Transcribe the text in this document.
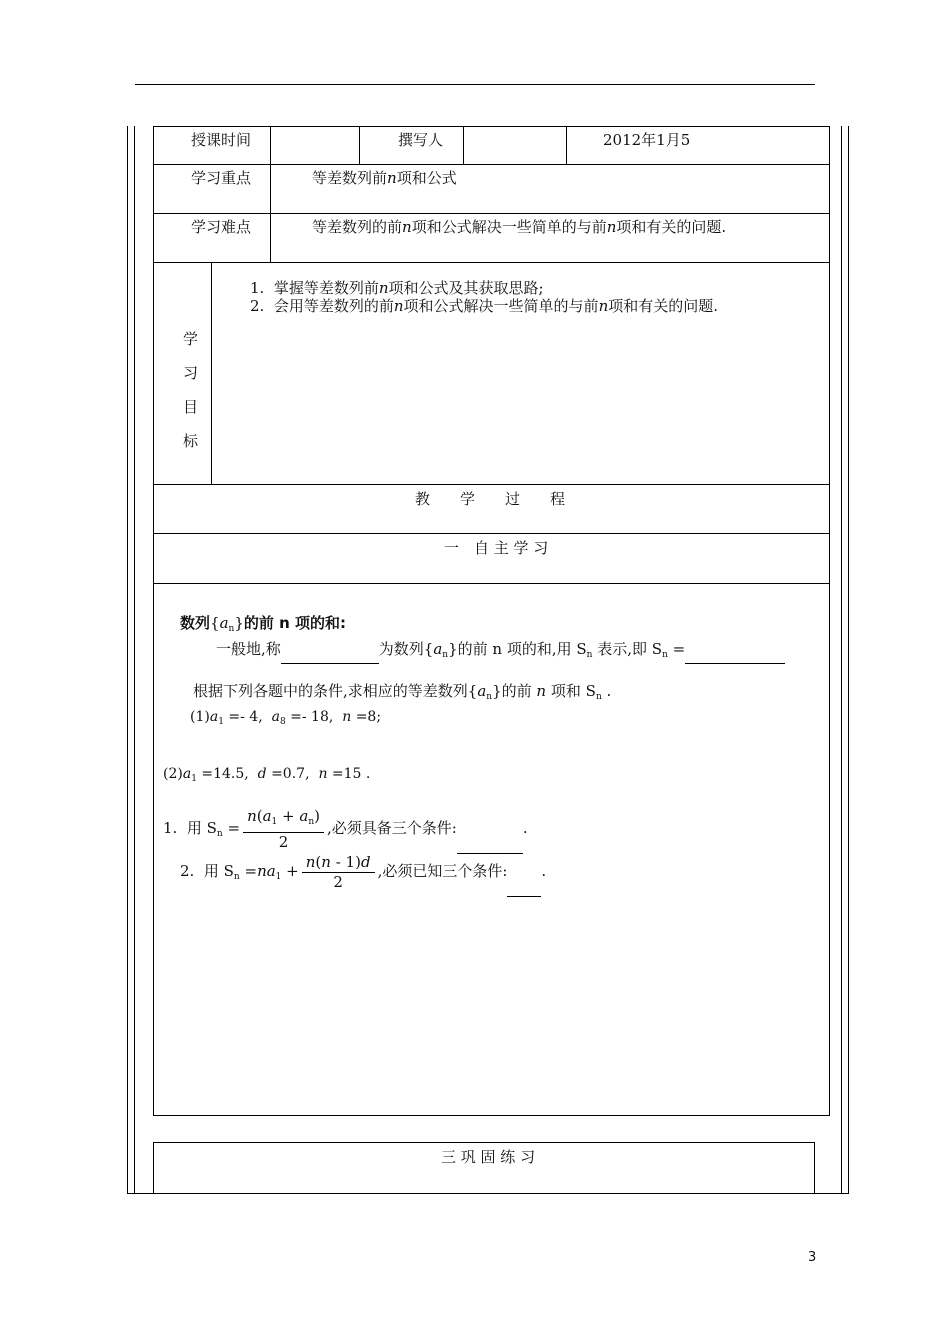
授课时间	撰写人	2012年1月5
学习重点	等差数列前n项和公式
学习难点	等差数列的前n项和公式解决一些简单的与前n项和有关的问题.
学
习
目
标
1. 掌握等差数列前n项和公式及其获取思路;
2. 会用等差数列的前n项和公式解决一些简单的与前n项和有关的问题.
教　　学　　过　　程
一　自 主 学 习
数列$\{a_n\}$的前 n 项的和:
一般地,称	为数列$\{a_n\}$的前 n 项的和,用 $S_n$ 表示,即 $S_n$ =
根据下列各题中的条件,求相应的等差数列$\{a_n\}$的前 n 项和 $S_n$ .
$(1)a_1 =- 4$, $a_8 =- 18$, n =8;
$(2)a_1 =14.5$, d =0.7, n =15 .
1. 用 $S_n = \frac{n(a_1 + a_n)}{2}$ ,必须具备三个条件:	.
2. 用 $S_n =na_1 + \frac{n(n - 1)d}{2}$ ,必须已知三个条件: .
三 巩 固 练 习
3
